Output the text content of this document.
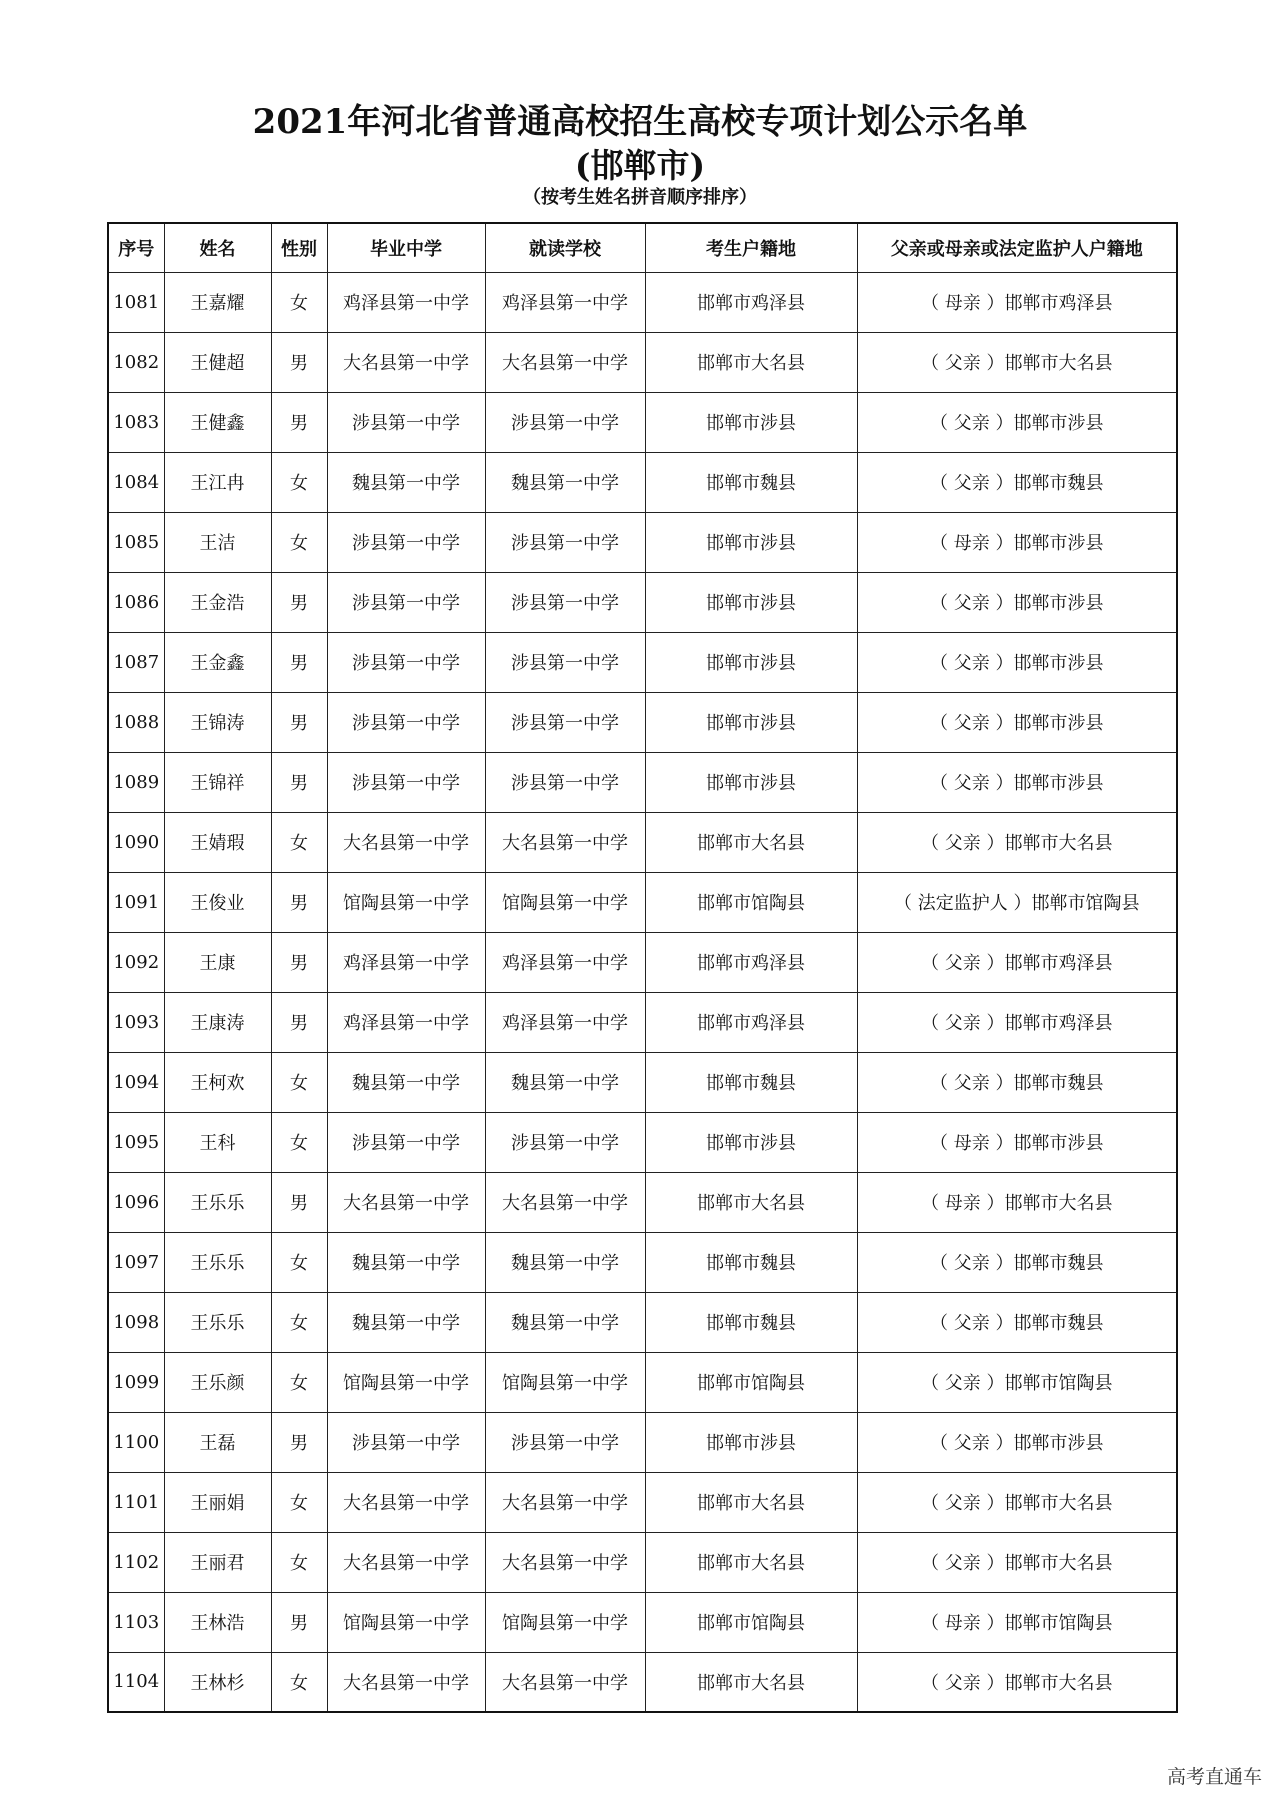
2021年河北省普通高校招生高校专项计划公示名单
(邯郸市)
（按考生姓名拼音顺序排序）
序号	姓名	性别	毕业中学	就读学校	考生户籍地	父亲或母亲或法定监护人户籍地
1081	王嘉耀	女	鸡泽县第一中学	鸡泽县第一中学	邯郸市鸡泽县	（ 母亲 ）邯郸市鸡泽县
1082	王健超	男	大名县第一中学	大名县第一中学	邯郸市大名县	（ 父亲 ）邯郸市大名县
1083	王健鑫	男	涉县第一中学	涉县第一中学	邯郸市涉县	（ 父亲 ）邯郸市涉县
1084	王江冉	女	魏县第一中学	魏县第一中学	邯郸市魏县	（ 父亲 ）邯郸市魏县
1085	王洁	女	涉县第一中学	涉县第一中学	邯郸市涉县	（ 母亲 ）邯郸市涉县
1086	王金浩	男	涉县第一中学	涉县第一中学	邯郸市涉县	（ 父亲 ）邯郸市涉县
1087	王金鑫	男	涉县第一中学	涉县第一中学	邯郸市涉县	（ 父亲 ）邯郸市涉县
1088	王锦涛	男	涉县第一中学	涉县第一中学	邯郸市涉县	（ 父亲 ）邯郸市涉县
1089	王锦祥	男	涉县第一中学	涉县第一中学	邯郸市涉县	（ 父亲 ）邯郸市涉县
1090	王婧瑕	女	大名县第一中学	大名县第一中学	邯郸市大名县	（ 父亲 ）邯郸市大名县
1091	王俊业	男	馆陶县第一中学	馆陶县第一中学	邯郸市馆陶县	（ 法定监护人 ）邯郸市馆陶县
1092	王康	男	鸡泽县第一中学	鸡泽县第一中学	邯郸市鸡泽县	（ 父亲 ）邯郸市鸡泽县
1093	王康涛	男	鸡泽县第一中学	鸡泽县第一中学	邯郸市鸡泽县	（ 父亲 ）邯郸市鸡泽县
1094	王柯欢	女	魏县第一中学	魏县第一中学	邯郸市魏县	（ 父亲 ）邯郸市魏县
1095	王科	女	涉县第一中学	涉县第一中学	邯郸市涉县	（ 母亲 ）邯郸市涉县
1096	王乐乐	男	大名县第一中学	大名县第一中学	邯郸市大名县	（ 母亲 ）邯郸市大名县
1097	王乐乐	女	魏县第一中学	魏县第一中学	邯郸市魏县	（ 父亲 ）邯郸市魏县
1098	王乐乐	女	魏县第一中学	魏县第一中学	邯郸市魏县	（ 父亲 ）邯郸市魏县
1099	王乐颜	女	馆陶县第一中学	馆陶县第一中学	邯郸市馆陶县	（ 父亲 ）邯郸市馆陶县
1100	王磊	男	涉县第一中学	涉县第一中学	邯郸市涉县	（ 父亲 ）邯郸市涉县
1101	王丽娟	女	大名县第一中学	大名县第一中学	邯郸市大名县	（ 父亲 ）邯郸市大名县
1102	王丽君	女	大名县第一中学	大名县第一中学	邯郸市大名县	（ 父亲 ）邯郸市大名县
1103	王林浩	男	馆陶县第一中学	馆陶县第一中学	邯郸市馆陶县	（ 母亲 ）邯郸市馆陶县
1104	王林杉	女	大名县第一中学	大名县第一中学	邯郸市大名县	（ 父亲 ）邯郸市大名县
高考直通车
